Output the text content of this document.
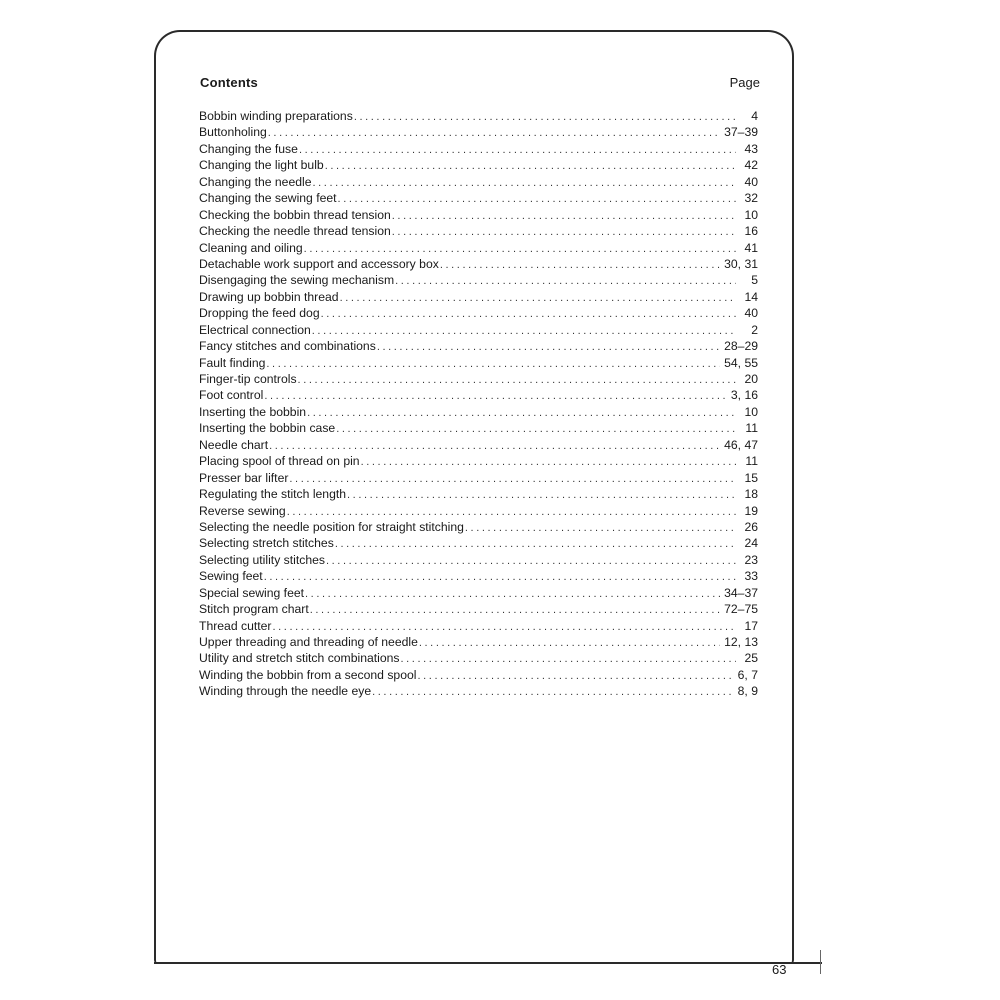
Contents	Page
Bobbin winding preparations .....	4
Buttonholing .....	37–39
Changing the fuse .....	43
Changing the light bulb .....	42
Changing the needle .....	40
Changing the sewing feet .....	32
Checking the bobbin thread tension .....	10
Checking the needle thread tension .....	16
Cleaning and oiling .....	41
Detachable work support and accessory box .....	30, 31
Disengaging the sewing mechanism .....	5
Drawing up bobbin thread .....	14
Dropping the feed dog .....	40
Electrical connection .....	2
Fancy stitches and combinations .....	28–29
Fault finding .....	54, 55
Finger-tip controls .....	20
Foot control .....	3, 16
Inserting the bobbin .....	10
Inserting the bobbin case .....	11
Needle chart .....	46, 47
Placing spool of thread on pin .....	11
Presser bar lifter .....	15
Regulating the stitch length .....	18
Reverse sewing .....	19
Selecting the needle position for straight stitching .....	26
Selecting stretch stitches .....	24
Selecting utility stitches .....	23
Sewing feet .....	33
Special sewing feet .....	34–37
Stitch program chart .....	72–75
Thread cutter .....	17
Upper threading and threading of needle .....	12, 13
Utility and stretch stitch combinations .....	25
Winding the bobbin from a second spool .....	6, 7
Winding through the needle eye .....	8, 9
63
